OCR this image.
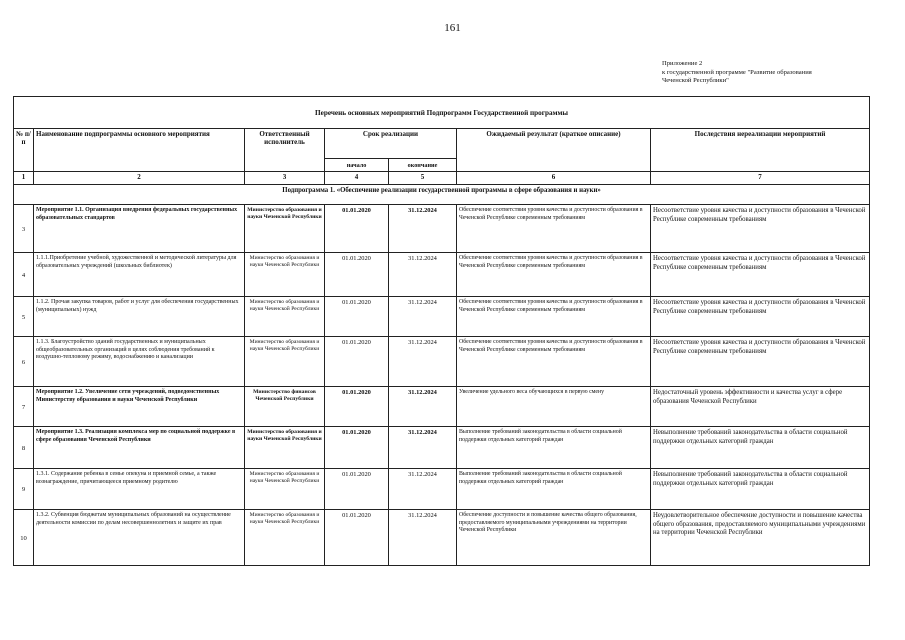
161
Приложение 2
к государственной программе "Развитие образования
Чеченской Республики"
Перечень основных мероприятий Подпрограмм Государственной программы						
№ п/п	Наименование подпрограммы основного мероприятия	Ответственный исполнитель	Срок реализации		Ожидаемый результат (краткое описание)	Последствия нереализации мероприятий
			начало	окончание		
1	2	3	4	5	6	7
Подпрограмма 1. «Обеспечение реализации государственной программы в сфере образования и науки»						
3	Мероприятие 1.1. Организация внедрения федеральных государственных образовательных стандартов	Министерство образования и науки Чеченской Республики	01.01.2020	31.12.2024	Обеспечение соответствия уровня качества и доступности образования в Чеченской Республике современным требованиям	Несоответствие уровня качества и доступности образования в Чеченской Республике современным требованиям
4	1.1.1.Приобретение учебной, художественной и методической литературы для образовательных учреждений (школьных библиотек)	Министерство образования и науки Чеченской Республики	01.01.2020	31.12.2024	Обеспечение соответствия уровня качества и доступности образования в Чеченской Республике современным требованиям	Несоответствие уровня качества и доступности образования в Чеченской Республике современным требованиям
5	1.1.2. Прочая закупка товаров, работ и услуг для обеспечения государственных (муниципальных) нужд	Министерство образования и науки Чеченской Республики	01.01.2020	31.12.2024	Обеспечение соответствия уровня качества и доступности образования в Чеченской Республике современным требованиям	Несоответствие уровня качества и доступности образования в Чеченской Республике современным требованиям
6	1.1.3. Благоустройство зданий государственных и муниципальных общеобразовательных организаций в целях соблюдения требований к воздушно-тепловому режиму, водоснабжению и канализации	Министерство образования и науки Чеченской Республики	01.01.2020	31.12.2024	Обеспечение соответствия уровня качества и доступности образования в Чеченской Республике современным требованиям	Несоответствие уровня качества и доступности образования в Чеченской Республике современным требованиям
7	Мероприятие 1.2. Увеличение сети учреждений, подведомственных Министерству образования и науки Чеченской Республики	Министерство финансов Чеченской Республики	01.01.2020	31.12.2024	Увеличение удельного веса обучающихся в первую смену	Недостаточный уровень эффективности и качества услуг в сфере образования Чеченской Республики
8	Мероприятие 1.3. Реализация комплекса мер по социальной поддержке в сфере образования Чеченской Республики	Министерство образования и науки Чеченской Республики	01.01.2020	31.12.2024	Выполнение требований законодательства в области социальной поддержки отдельных категорий граждан	Невыполнение требований законодательства в области социальной поддержки отдельных категорий граждан
9	1.3.1. Содержание ребенка в семье опекуна и приемной семье, а также вознаграждение, причитающееся приемному родителю	Министерство образования и науки Чеченской Республики	01.01.2020	31.12.2024	Выполнение требований законодательства в области социальной поддержки отдельных категорий граждан	Невыполнение требований законодательства в области социальной поддержки отдельных категорий граждан
10	1.3.2. Субвенция бюджетам муниципальных образований на осуществление деятельности комиссии по делам несовершеннолетних и защите их прав	Министерство образования и науки Чеченской Республики	01.01.2020	31.12.2024	Обеспечение доступности и повышение качества общего образования, предоставляемого муниципальными учреждениями на территории Чеченской Республики	Неудовлетворительное обеспечение доступности и повышение качества общего образования, предоставляемого муниципальными учреждениями на территории Чеченской Республики
